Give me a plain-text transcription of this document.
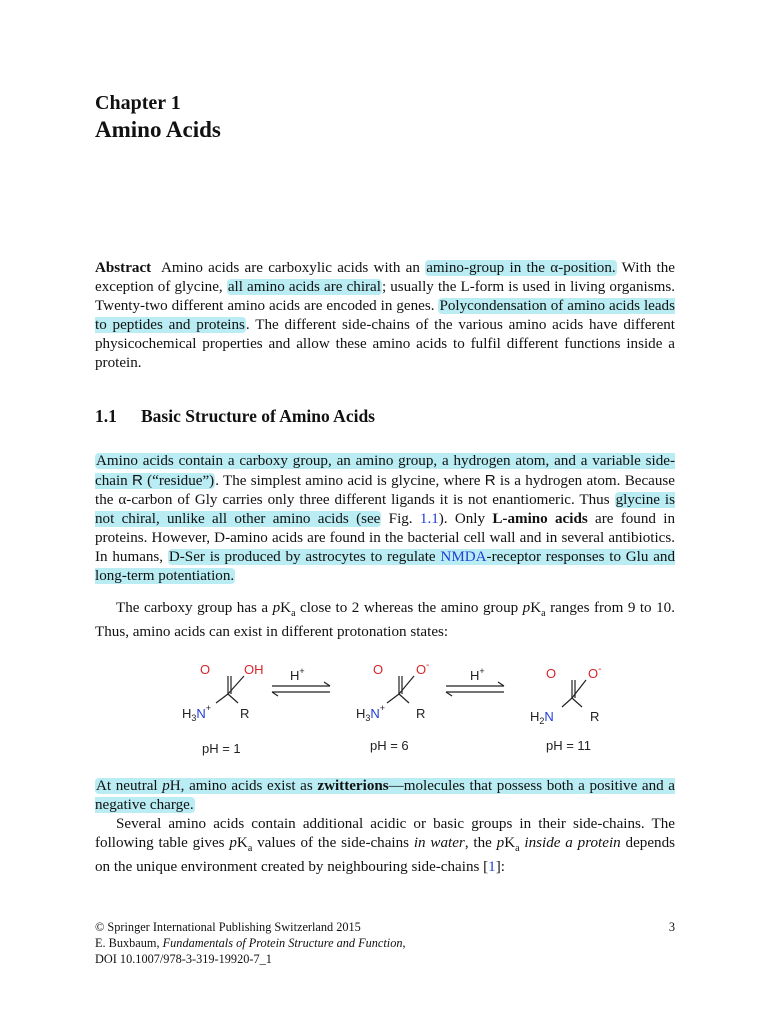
Chapter 1
Amino Acids
Abstract Amino acids are carboxylic acids with an amino-group in the α-position. With the exception of glycine, all amino acids are chiral; usually the L-form is used in living organisms. Twenty-two different amino acids are encoded in genes. Polycondensation of amino acids leads to peptides and proteins. The different side-chains of the various amino acids have different physicochemical properties and allow these amino acids to fulfil different functions inside a protein.
1.1 Basic Structure of Amino Acids
Amino acids contain a carboxy group, an amino group, a hydrogen atom, and a variable side-chain R (“residue”). The simplest amino acid is glycine, where R is a hydrogen atom. Because the α-carbon of Gly carries only three different ligands it is not enantiomeric. Thus glycine is not chiral, unlike all other amino acids (see Fig. 1.1). Only L-amino acids are found in proteins. However, D-amino acids are found in the bacterial cell wall and in several antibiotics. In humans, D-Ser is produced by astrocytes to regulate NMDA-receptor responses to Glu and long-term potentiation.
The carboxy group has a $pK_a$ close to 2 whereas the amino group $pK_a$ ranges from 9 to 10. Thus, amino acids can exist in different protonation states:
O	OH
$H_3N^+$ R
H+	O	O-
$H_3N^+$ R
H+	O O-
$H_2N$	R
pH = 1	pH = 6	pH = 11
At neutral pH, amino acids exist as zwitterions—molecules that possess both a positive and a negative charge.
Several amino acids contain additional acidic or basic groups in their side-chains. The following table gives $pK_a$ values of the side-chains in water, the $pK_a$ inside a protein depends on the unique environment created by neighbouring side-chains [1]:
© Springer International Publishing Switzerland 2015	3
E. Buxbaum, Fundamentals of Protein Structure and Function,
DOI 10.1007/978-3-319-19920-7_1
